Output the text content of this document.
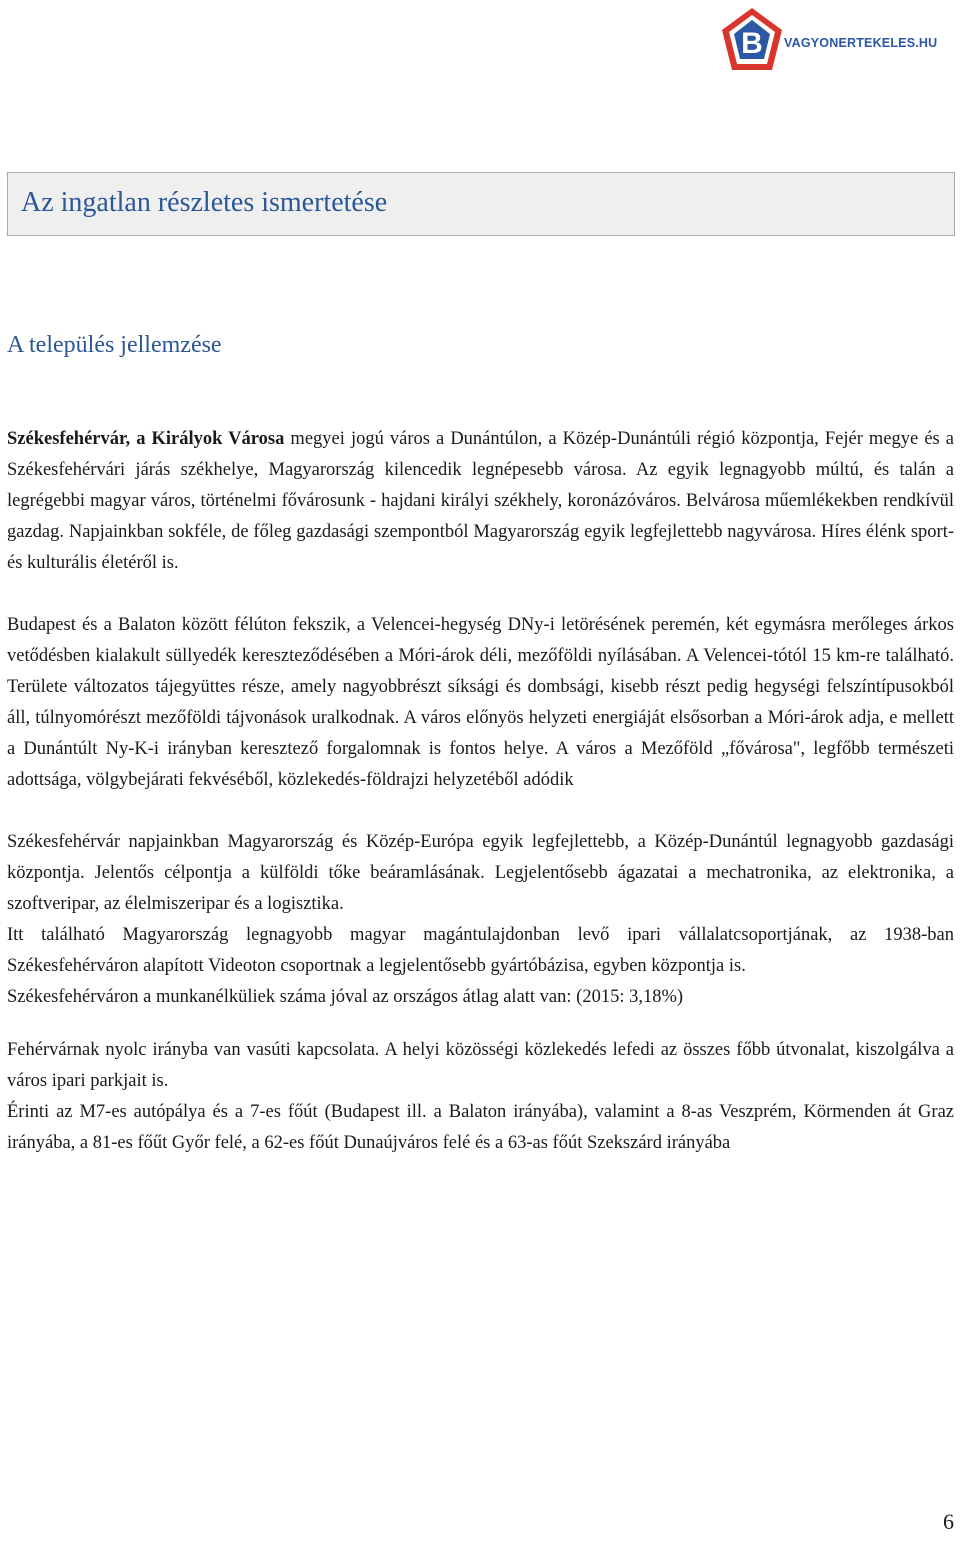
B VAGYONERTEKELES.HU
Az ingatlan részletes ismertetése
A település jellemzése

Székesfehérvár, a Királyok Városa megyei jogú város a Dunántúlon, a Közép-Dunántúli régió központja, Fejér megye és a Székesfehérvári járás székhelye, Magyarország kilencedik legnépesebb városa. Az egyik legnagyobb múltú, és talán a legrégebbi magyar város, történelmi fővárosunk - hajdani királyi székhely, koronázóváros. Belvárosa műemlékekben rendkívül gazdag. Napjainkban sokféle, de főleg gazdasági szempontból Magyarország egyik legfejlettebb nagyvárosa. Híres élénk sport- és kulturális életéről is.

Budapest és a Balaton között félúton fekszik, a Velencei-hegység DNy-i letörésének peremén, két egymásra merőleges árkos vetődésben kialakult süllyedék kereszteződésében a Móri-árok déli, mezőföldi nyílásában. A Velencei-tótól 15 km-re található. Területe változatos tájegyüttes része, amely nagyobbrészt síksági és dombsági, kisebb részt pedig hegységi felszíntípusokból áll, túlnyomórészt mezőföldi tájvonások uralkodnak. A város előnyös helyzeti energiáját elsősorban a Móri-árok adja, e mellett a Dunántúlt Ny-K-i irányban keresztező forgalomnak is fontos helye. A város a Mezőföld „fővárosa", legfőbb természeti adottsága, völgybejárati fekvéséből, közlekedés-földrajzi helyzetéből adódik

Székesfehérvár napjainkban Magyarország és Közép-Európa egyik legfejlettebb, a Közép-Dunántúl legnagyobb gazdasági központja. Jelentős célpontja a külföldi tőke beáramlásának. Legjelentősebb ágazatai a mechatronika, az elektronika, a szoftveripar, az élelmiszeripar és a logisztika.

Itt található Magyarország legnagyobb magyar magántulajdonban levő ipari vállalatcsoportjának, az 1938-ban Székesfehérváron alapított Videoton csoportnak a legjelentősebb gyártóbázisa, egyben központja is.

Székesfehérváron a munkanélküliek száma jóval az országos átlag alatt van: (2015: 3,18%)

Fehérvárnak nyolc irányba van vasúti kapcsolata. A helyi közösségi közlekedés lefedi az összes főbb útvonalat, kiszolgálva a város ipari parkjait is.

Érinti az M7-es autópálya és a 7-es főút (Budapest ill. a Balaton irányába), valamint a 8-as Veszprém, Körmenden át Graz irányába, a 81-es főűt Győr felé, a 62-es főút Dunaújváros felé és a 63-as főút Szekszárd irányába

6
